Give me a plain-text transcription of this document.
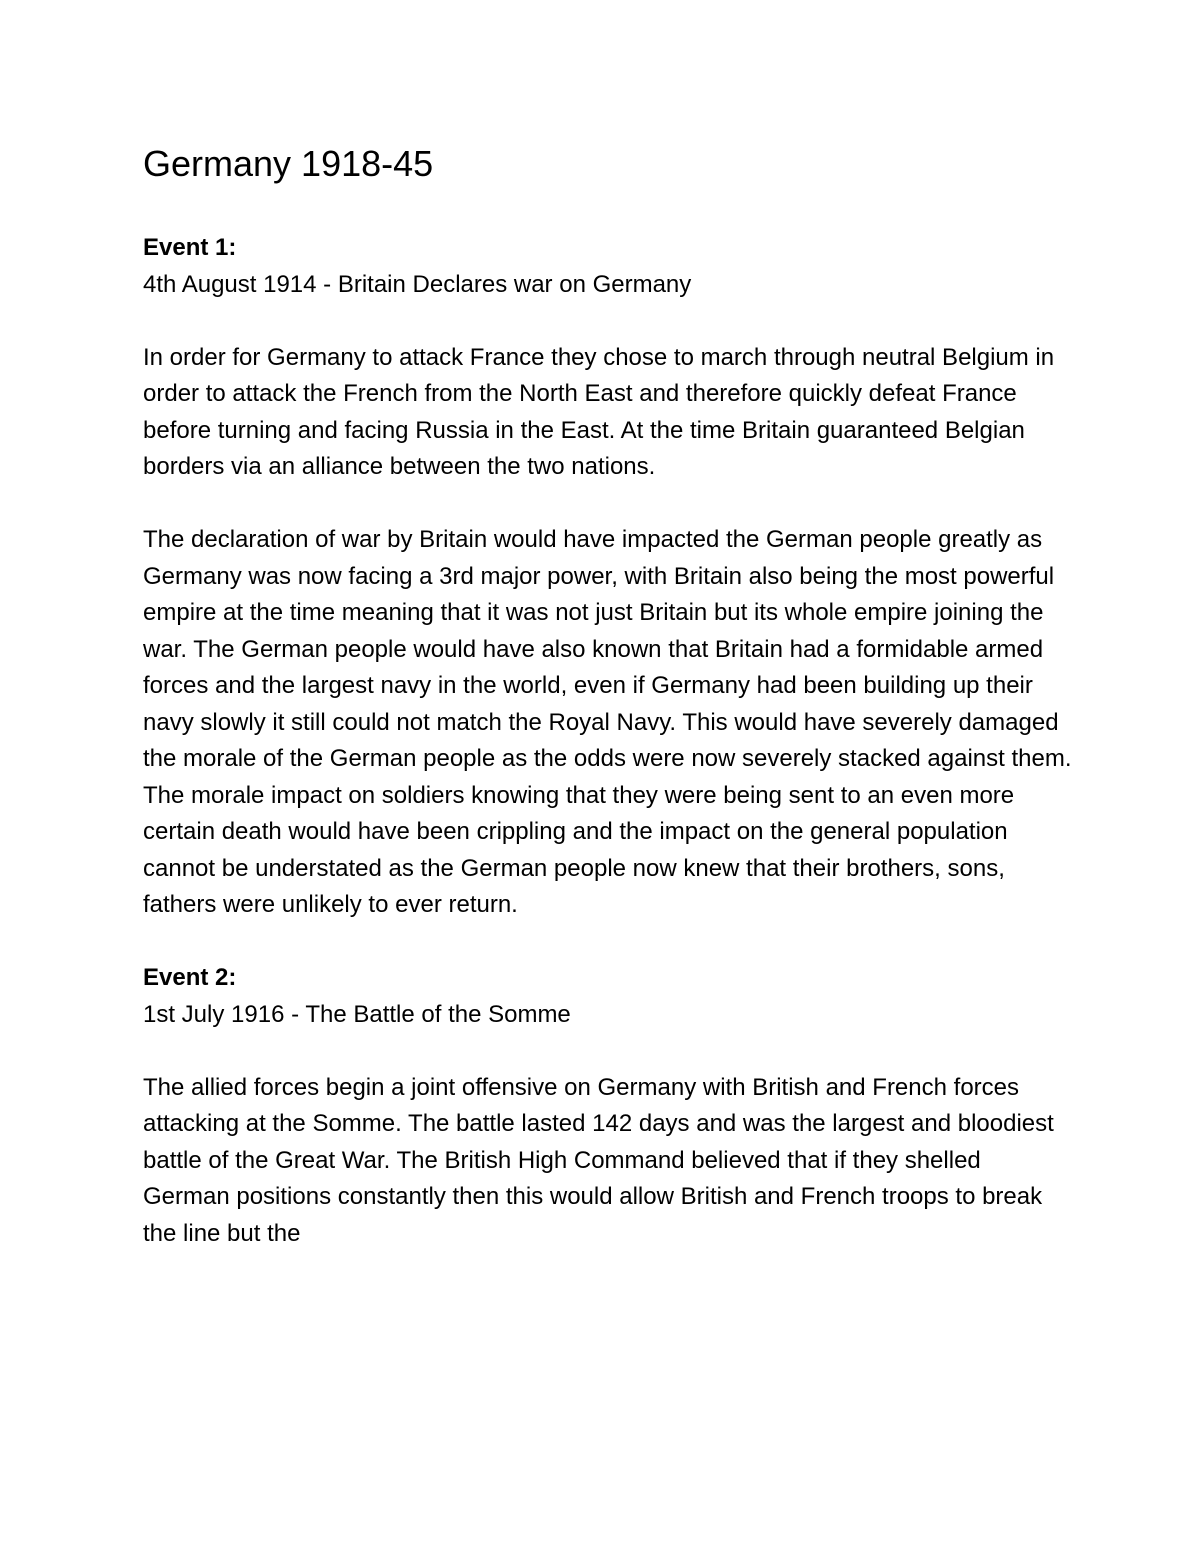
Germany 1918-45

Event 1:

4th August 1914 - Britain Declares war on Germany

In order for Germany to attack France they chose to march through neutral Belgium in order to attack the French from the North East and therefore quickly defeat France before turning and facing Russia in the East. At the time Britain guaranteed Belgian borders via an alliance between the two nations.

The declaration of war by Britain would have impacted the German people greatly as Germany was now facing a 3rd major power, with Britain also being the most powerful empire at the time meaning that it was not just Britain but its whole empire joining the war. The German people would have also known that Britain had a formidable armed forces and the largest navy in the world, even if Germany had been building up their navy slowly it still could not match the Royal Navy. This would have severely damaged the morale of the German people as the odds were now severely stacked against them. The morale impact on soldiers knowing that they were being sent to an even more certain death would have been crippling and the impact on the general population cannot be understated as the German people now knew that their brothers, sons, fathers were unlikely to ever return.

Event 2:

1st July 1916 - The Battle of the Somme

The allied forces begin a joint offensive on Germany with British and French forces attacking at the Somme. The battle lasted 142 days and was the largest and bloodiest battle of the Great War. The British High Command believed that if they shelled German positions constantly then this would allow British and French troops to break the line but the
